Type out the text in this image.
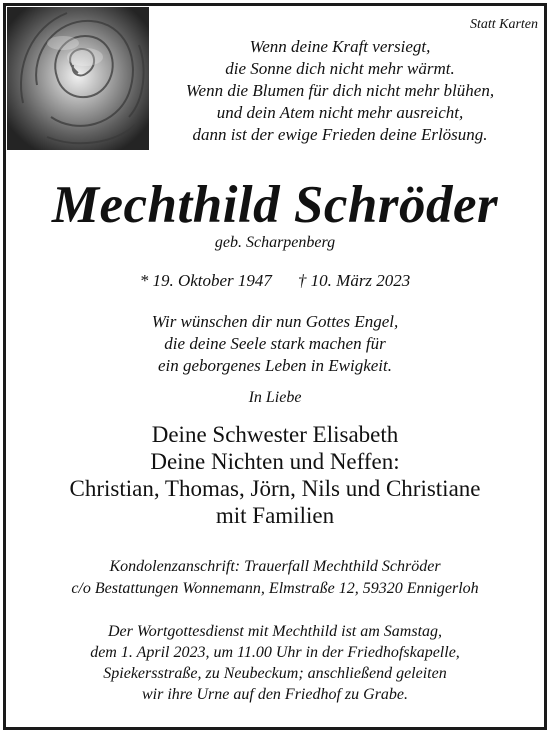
Statt Karten

Wenn deine Kraft versiegt,
die Sonne dich nicht mehr wärmt.
Wenn die Blumen für dich nicht mehr blühen,
und dein Atem nicht mehr ausreicht,
dann ist der ewige Frieden deine Erlösung.
Mechthild Schröder

geb. Scharpenberg

* 19. Oktober 1947 † 10. März 2023

Wir wünschen dir nun Gottes Engel,
die deine Seele stark machen für
ein geborgenes Leben in Ewigkeit.

In Liebe

Deine Schwester Elisabeth
Deine Nichten und Neffen:
Christian, Thomas, Jörn, Nils und Christiane
mit Familien
Kondolenzanschrift: Trauerfall Mechthild Schröder
c/o Bestattungen Wonnemann, Elmstraße 12, 59320 Ennigerloh
Der Wortgottesdienst mit Mechthild ist am Samstag,
dem 1. April 2023, um 11.00 Uhr in der Friedhofskapelle,
Spiekersstraße, zu Neubeckum; anschließend geleiten
wir ihre Urne auf den Friedhof zu Grabe.
